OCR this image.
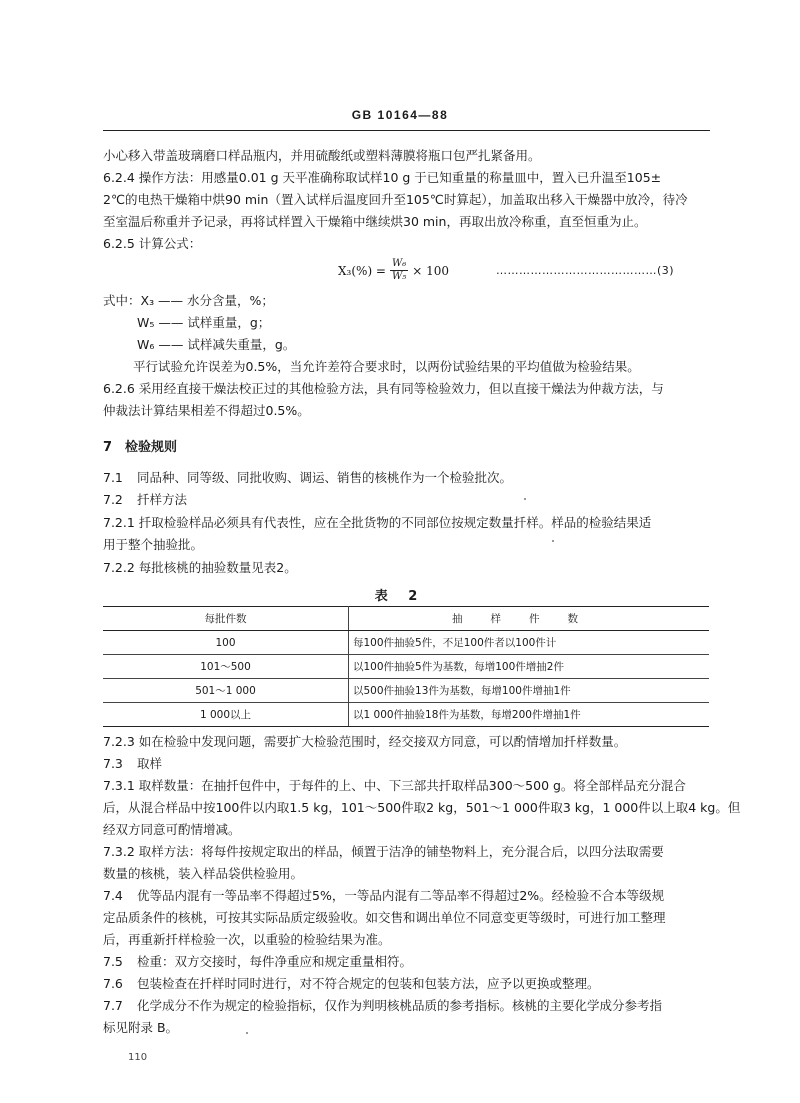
GB 10164—88
小心移入带盖玻璃磨口样品瓶内，并用硫酸纸或塑料薄膜将瓶口包严扎紧备用。
6.2.4 操作方法：用感量0.01 g 天平准确称取试样10 g 于已知重量的称量皿中，置入已升温至105±
2℃的电热干燥箱中烘90 min（置入试样后温度回升至105℃时算起），加盖取出移入干燥器中放冷，待冷
至室温后称重并予记录，再将试样置入干燥箱中继续烘30 min，再取出放冷称重，直至恒重为止。
6.2.5 计算公式：
$X_3(\%) = \frac{\text{W₆}}{\text{W₅}} \times 100$	……………………………………(3)
式中：X₃ —— 水分含量，%；
W₅ —— 试样重量，g；
W₆ —— 试样减失重量，g。
平行试验允许误差为0.5%，当允许差符合要求时，以两份试验结果的平均值做为检验结果。
6.2.6 采用经直接干燥法校正过的其他检验方法，具有同等检验效力，但以直接干燥法为仲裁方法，与
仲裁法计算结果相差不得超过0.5%。
7　检验规则
7.1 同品种、同等级、同批收购、调运、销售的核桃作为一个检验批次。
7.2 扦样方法
7.2.1 扦取检验样品必须具有代表性，应在全批货物的不同部位按规定数量扦样。样品的检验结果适
用于整个抽验批。
7.2.2 每批核桃的抽验数量见表2。
表 2
每批件数	抽样件数
100	每100件抽验5件，不足100件者以100件计
101～500	以100件抽验5件为基数，每增100件增抽2件
501～1 000	以500件抽验13件为基数，每增100件增抽1件
1 000以上	以1 000件抽验18件为基数，每增200件增抽1件
7.2.3 如在检验中发现问题，需要扩大检验范围时，经交接双方同意，可以酌情增加扦样数量。
7.3 取样
7.3.1 取样数量：在抽扦包件中，于每件的上、中、下三部共扦取样品300～500 g。将全部样品充分混合
后，从混合样品中按100件以内取1.5 kg，101～500件取2 kg，501～1 000件取3 kg，1 000件以上取4 kg。但
经双方同意可酌情增减。
7.3.2 取样方法：将每件按规定取出的样品，倾置于洁净的铺垫物料上，充分混合后，以四分法取需要
数量的核桃，装入样品袋供检验用。
7.4 优等品内混有一等品率不得超过5%，一等品内混有二等品率不得超过2%。经检验不合本等级规
定品质条件的核桃，可按其实际品质定级验收。如交售和调出单位不同意变更等级时，可进行加工整理
后，再重新扦样检验一次，以重验的检验结果为准。
7.5 检重：双方交接时，每件净重应和规定重量相符。
7.6 包装检查在扦样时同时进行，对不符合规定的包装和包装方法，应予以更换或整理。
7.7 化学成分不作为规定的检验指标，仅作为判明核桃品质的参考指标。核桃的主要化学成分参考指
标见附录 B。
110
